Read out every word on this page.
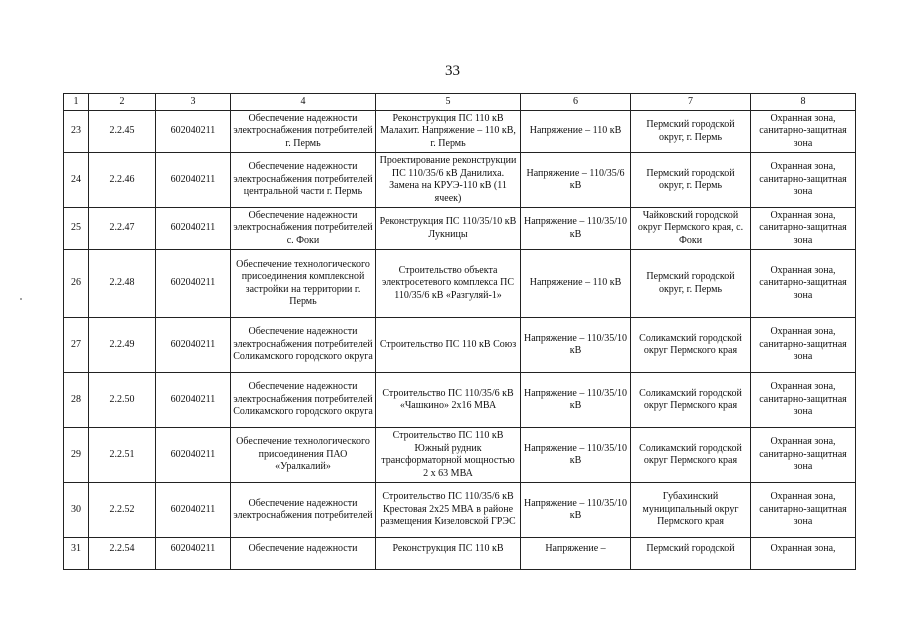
33
1	2	3	4	5	6	7	8
23	2.2.45	602040211	Обеспечение надежности электроснабжения потребителей г. Пермь	Реконструкция ПС 110 кВ Малахит. Напряжение – 110 кВ, г. Пермь	Напряжение – 110 кВ	Пермский городской округ, г. Пермь	Охранная зона, санитарно-защитная зона
24	2.2.46	602040211	Обеспечение надежности электроснабжения потребителей центральной части г. Пермь	Проектирование реконструкции ПС 110/35/6 кВ Данилиха. Замена на КРУЭ-110 кВ (11 ячеек)	Напряжение – 110/35/6 кВ	Пермский городской округ, г. Пермь	Охранная зона, санитарно-защитная зона
25	2.2.47	602040211	Обеспечение надежности электроснабжения потребителей с. Фоки	Реконструкция ПС 110/35/10 кВ Лукницы	Напряжение – 110/35/10 кВ	Чайковский городской округ Пермского края, с. Фоки	Охранная зона, санитарно-защитная зона
26	2.2.48	602040211	Обеспечение технологического присоединения комплексной застройки на территории г. Пермь	Строительство объекта электросетевого комплекса ПС 110/35/6 кВ «Разгуляй-1»	Напряжение – 110 кВ	Пермский городской округ, г. Пермь	Охранная зона, санитарно-защитная зона
27	2.2.49	602040211	Обеспечение надежности электроснабжения потребителей Соликамского городского округа	Строительство ПС 110 кВ Союз	Напряжение – 110/35/10 кВ	Соликамский городской округ Пермского края	Охранная зона, санитарно-защитная зона
28	2.2.50	602040211	Обеспечение надежности электроснабжения потребителей Соликамского городского округа	Строительство ПС 110/35/6 кВ «Чашкино» 2х16 МВА	Напряжение – 110/35/10 кВ	Соликамский городской округ Пермского края	Охранная зона, санитарно-защитная зона
29	2.2.51	602040211	Обеспечение технологического присоединения ПАО «Уралкалий»	Строительство ПС 110 кВ Южный рудник трансформаторной мощностью 2 х 63 МВА	Напряжение – 110/35/10 кВ	Соликамский городской округ Пермского края	Охранная зона, санитарно-защитная зона
30	2.2.52	602040211	Обеспечение надежности электроснабжения потребителей	Строительство ПС 110/35/6 кВ Крестовая 2х25 МВА в районе размещения Кизеловской ГРЭС	Напряжение – 110/35/10 кВ	Губахинский муниципальный округ Пермского края	Охранная зона, санитарно-защитная зона
31	2.2.54	602040211	Обеспечение надежности	Реконструкция ПС 110 кВ	Напряжение –	Пермский городской	Охранная зона,
